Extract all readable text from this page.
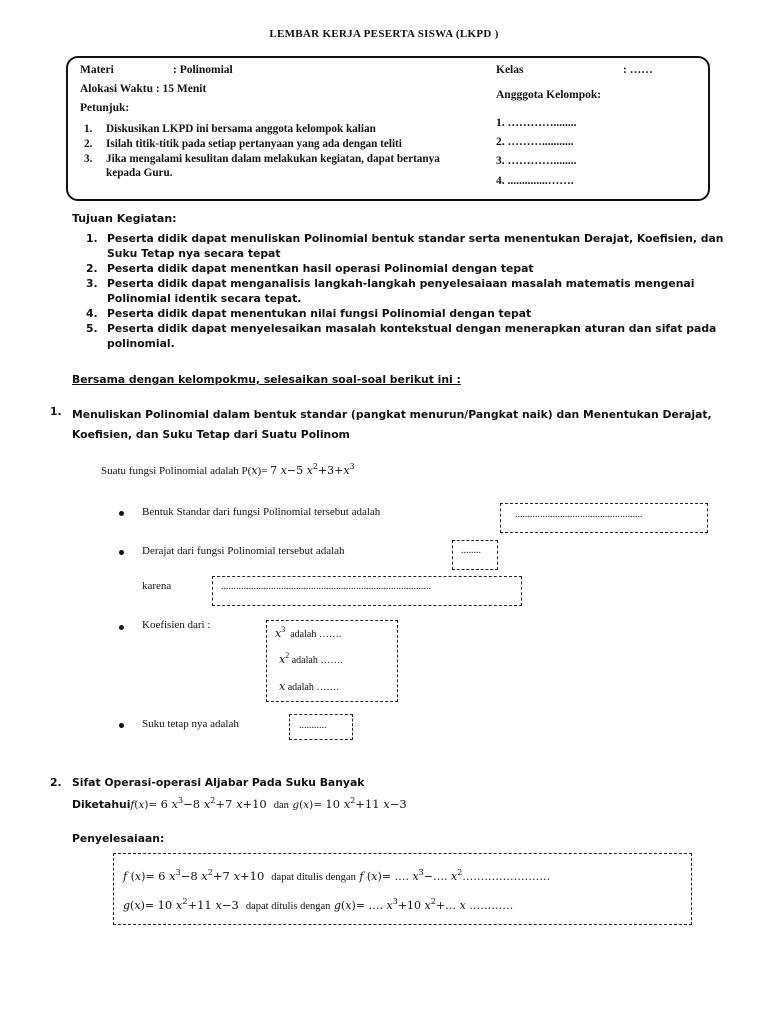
LEMBAR KERJA PESERTA SISWA (LKPD )
Materi	: Polinomial
Alokasi Waktu : 15 Menit
Petunjuk:
1. Diskusikan LKPD ini bersama anggota kelompok kalian
2. Isilah titik-titik pada setiap pertanyaan yang ada dengan teliti
3. Jika mengalami kesulitan dalam melakukan kegiatan, dapat bertanya kepada Guru.
Kelas	: ……
Angggota Kelompok:
1. …………........
2. ………...........
3. …………........
4. ..............…….
Tujuan Kegiatan:
1. Peserta didik dapat menuliskan Polinomial bentuk standar serta menentukan Derajat, Koefisien, dan Suku Tetap nya secara tepat
2. Peserta didik dapat menentkan hasil operasi Polinomial dengan tepat
3. Peserta didik dapat menganalisis langkah-langkah penyelesaiaan masalah matematis mengenai Polinomial identik secara tepat.
4. Peserta didik dapat menentukan nilai fungsi Polinomial dengan tepat
5. Peserta didik dapat menyelesaikan masalah kontekstual dengan menerapkan aturan dan sifat pada polinomial.
Bersama dengan kelompokmu, selesaikan soal-soal berikut ini :
1. Menuliskan Polinomial dalam bentuk standar (pangkat menurun/Pangkat naik) dan Menentukan Derajat, Koefisien, dan Suku Tetap dari Suatu Polinom
Suatu fungsi Polinomial adalah P(x)= 7 x−5 $x^2+3+x^3$
Bentuk Standar dari fungsi Polinomial tersebut adalah	...................................................
Derajat dari fungsi Polinomial tersebut adalah	........
karena	....................................................................................
Koefisien dari :
$x^3$ adalah …….
$x^2$ adalah …….
x adalah …….
Suku tetap nya adalah	...........
2. Sifat Operasi-operasi Aljabar Pada Suku Banyak
Diketahuif(x)= 6 $x^3-8$ $x^2+7$ x+10 dan g(x)= 10 $x^2+11$ x−3
Penyelesaiaan:
f (x)= 6 $x^3-8$ $x^2+7$ x+10 dapat ditulis dengan f (x)= …. $x^3-\dots$. $x^2\dots\dots\dots\dots\dots\dots\dots\dots$
g(x)= 10 $x^2+11$ x−3 dapat ditulis dengan g(x)= …. $x^3+10$ $x^2+\dots$ x …………
